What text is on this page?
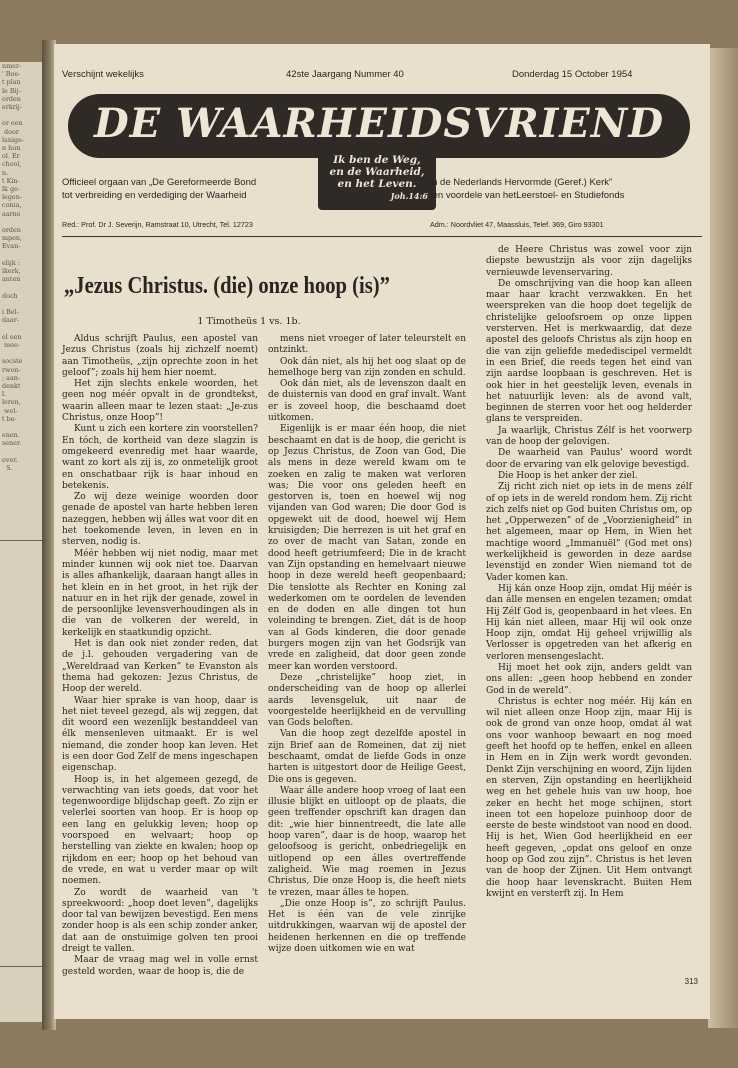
nmer-
' Boe-
t plan
le Bij-
orden
erkrij-

or een
door
lanige-
n hun
ol. Er
chool,
n.
t Kin-
lk ge-
legen-
conia,
aarne

orden
mpen,
Evan-

elijk :
ikerk,
anten

doch

i Bel-
daar-

el een
mee-

socste
rwon-
; aan-
denkt
l.
leren,
wel-
t be-

enen.
sener.

over.
S.
Verschijnt wekelijks	42ste Jaargang Nummer 40	Donderdag 15 October 1954
DE WAARHEIDSVRIEND
Ik ben de Weg,
en de Waarheid,
en het Leven.
Joh.14:6
Officieel orgaan van „De Gereformeerde Bond
tot verbreiding en verdediging der Waarheid
in de Nederlands Hervormde (Geref.) Kerk”
ten voordele van hetLeerstoel- en Studiefonds
Red.: Prof. Dr J. Severijn, Ramstraat 10, Utrecht, Tel. 12723	Adm.: Noordvliet 47, Maassluis, Telef. 369, Giro 93301
„Jezus Christus. (die) onze hoop (is)”
1 Timotheüs 1 vs. 1b.

Aldus schrijft Paulus, een apostel van Jezus Christus (zoals hij zichzelf noemt) aan Timotheüs, „zijn oprechte zoon in het geloof”; zoals hij hem hier noemt.

Het zijn slechts enkele woorden, het geen nog méér opvalt in de grondtekst, waarin alleen maar te lezen staat: „Je-zus Christus, onze Hoop”!

Kunt u zich een kortere zin voorstellen? En tóch, de kortheid van deze slagzin is omgekeerd evenredig met haar waarde, want zo kort als zij is, zo onmetelijk groot en onschatbaar rijk is haar inhoud en betekenis.

Zo wij deze weinige woorden door genade de apostel van harte hebben leren nazeggen, hebben wij álles wat voor dit en het toekomende leven, in leven en in sterven, nodig is.

Méér hebben wij niet nodig, maar met minder kunnen wij ook niet toe. Daarvan is alles afhankelijk, daaraan hangt alles in het klein en in het groot, in het rijk der natuur en in het rijk der genade, zowel in de persoonlijke levensverhoudingen als in die van de volkeren der wereld, in kerkelijk en staatkundig opzicht.

Het is dan ook niet zonder reden, dat de j.l. gehouden vergadering van de „Wereldraad van Kerken” te Evanston als thema had gekozen: Jezus Christus, de Hoop der wereld.

Waar hier sprake is van hoop, daar is het niet teveel gezegd, als wij zeggen, dat dit woord een wezenlijk bestanddeel van élk mensenleven uitmaakt. Er is wel niemand, die zonder hoop kan leven. Het is een door God Zelf de mens ingeschapen eigenschap.

Hoop is, in het algemeen gezegd, de verwachting van iets goeds, dat voor het tegenwoordige blijdschap geeft. Zo zijn er velerlei soorten van hoop. Er is hoop op een lang en gelukkig leven; hoop op voorspoed en welvaart; hoop op herstelling van ziekte en kwalen; hoop op rijkdom en eer; hoop op het behoud van de vrede, en wat u verder maar op wilt noemen.

Zo wordt de waarheid van 't spreekwoord: „hoop doet leven”, dagelijks door tal van bewijzen bevestigd. Een mens zonder hoop is als een schip zonder anker, dat aan de onstuimige golven ten prooi dreigt te vallen.

Maar de vraag mag wel in volle ernst gesteld worden, waar de hoop is, die de

mens niet vroeger of later teleurstelt en ontzinkt.

Ook dán niet, als hij het oog slaat op de hemelhoge berg van zijn zonden en schuld.

Ook dán niet, als de levenszon daalt en de duisternis van dood en graf invalt. Want er is zoveel hoop, die beschaamd doet uitkomen.

Eigenlijk is er maar één hoop, die niet beschaamt en dat is de hoop, die gericht is op Jezus Christus, de Zoon van God, Die als mens in deze wereld kwam om te zoeken en zalig te maken wat verloren was; Die voor ons geleden heeft en gestorven is, toen en hoewel wij nog vijanden van God waren; Die door God is opgewekt uit de dood, hoewel wij Hem kruisigden; Die herrezen is uit het graf en zo over de macht van Satan, zonde en dood heeft getriumfeerd; Die in de kracht van Zijn opstanding en hemelvaart nieuwe hoop in deze wereld heeft geopenbaard; Die tenslotte als Rechter en Koning zal wederkomen om te oordelen de levenden en de doden en alle dingen tot hun voleinding te brengen. Ziet, dát is de hoop van al Gods kinderen, die door genade burgers mogen zijn van het Godsrijk van vrede en zaligheid, dat door geen zonde meer kan worden verstoord.

Deze „christelijke” hoop ziet, in onderscheiding van de hoop op allerlei aards levensgeluk, uit naar de voorgestelde heerlijkheid en de vervulling van Gods beloften.

Van die hoop zegt dezelfde apostel in zijn Brief aan de Romeinen, dat zij niet beschaamt, omdat de liefde Gods in onze harten is uitgestort door de Heilige Geest, Die ons is gegeven.

Waar álle andere hoop vroeg of laat een illusie blijkt en uitloopt op de plaats, die geen treffender opschrift kan dragen dan dit: „wie hier binnentreedt, die late alle hoop varen”, daar is de hoop, waarop het geloofsoog is gericht, onbedriegelijk en uitlopend op een álles overtreffende zaligheid. Wie mag roemen in Jezus Christus, Die onze Hoop is, die heeft niets te vrezen, maar álles te hopen.

„Die onze Hoop is”, zo schrijft Paulus. Het is één van de vele zinrijke uitdrukkingen, waarvan wij de apostel der heidenen herkennen en die op treffende wijze doen uitkomen wie en wat

de Heere Christus was zowel voor zijn diepste bewustzijn als voor zijn dagelijks vernieuwde levenservaring.

De omschrijving van die hoop kan alleen maar haar kracht verzwakken. En het weerspreken van die hoop doet tegelijk de christelijke geloofsroem op onze lippen versterven. Het is merkwaardig, dat deze apostel des geloofs Christus als zijn hoop en die van zijn geliefde medediscipel vermeldt in een Brief, die reeds tegen het eind van zijn aardse loopbaan is geschreven. Het is ook hier in het geestelijk leven, evenals in het natuurlijk leven: als de avond valt, beginnen de sterren voor het oog helderder glans te verspreiden.

Ja waarlijk, Christus Zélf is het voorwerp van de hoop der gelovigen.

De waarheid van Paulus' woord wordt door de ervaring van elk gelovige bevestigd.

Die Hoop is het anker der ziel.

Zij richt zich niet op iets in de mens zélf of op iets in de wereld rondom hem. Zij richt zich zelfs niet op God buiten Christus om, op het „Opperwezen” of de „Voorzienigheid” in het algemeen, maar op Hem, in Wien het machtige woord „Immanuël” (God met ons) werkelijkheid is geworden in deze aardse levenstijd en zonder Wien niemand tot de Vader komen kan.

Hij kán onze Hoop zijn, omdat Hij méér is dan álle mensen en engelen tezamen; omdat Hij Zélf God is, geopenbaard in het vlees. En Hij kán niet alleen, maar Hij wil ook onze Hoop zijn, omdat Hij geheel vrijwillig als Verlosser is opgetreden van het afkerig en verloren mensengeslacht.

Hij moet het ook zijn, anders geldt van ons allen: „geen hoop hebbend en zonder God in de wereld”.

Christus is echter nog méér. Hij kán en wil niet alleen onze Hoop zijn, maar Hij is ook de grond van onze hoop, omdat ál wat ons voor wanhoop bewaart en nog moed geeft het hoofd op te heffen, enkel en alleen in Hem en in Zijn werk wordt gevonden. Denkt Zijn verschijning en woord, Zijn lijden en sterven, Zijn opstanding en heerlijkheid weg en het gehele huis van uw hoop, hoe zeker en hecht het moge schijnen, stort ineen tot een hopeloze puinhoop door de eerste de beste windstoot van nood en dood. Hij is het, Wien God heerlijkheid en eer heeft gegeven, „opdat ons geloof en onze hoop op God zou zijn”. Christus is het leven van de hoop der Zijnen. Uit Hem ontvangt die hoop haar levenskracht. Buiten Hem kwijnt en versterft zij. In Hem

313
